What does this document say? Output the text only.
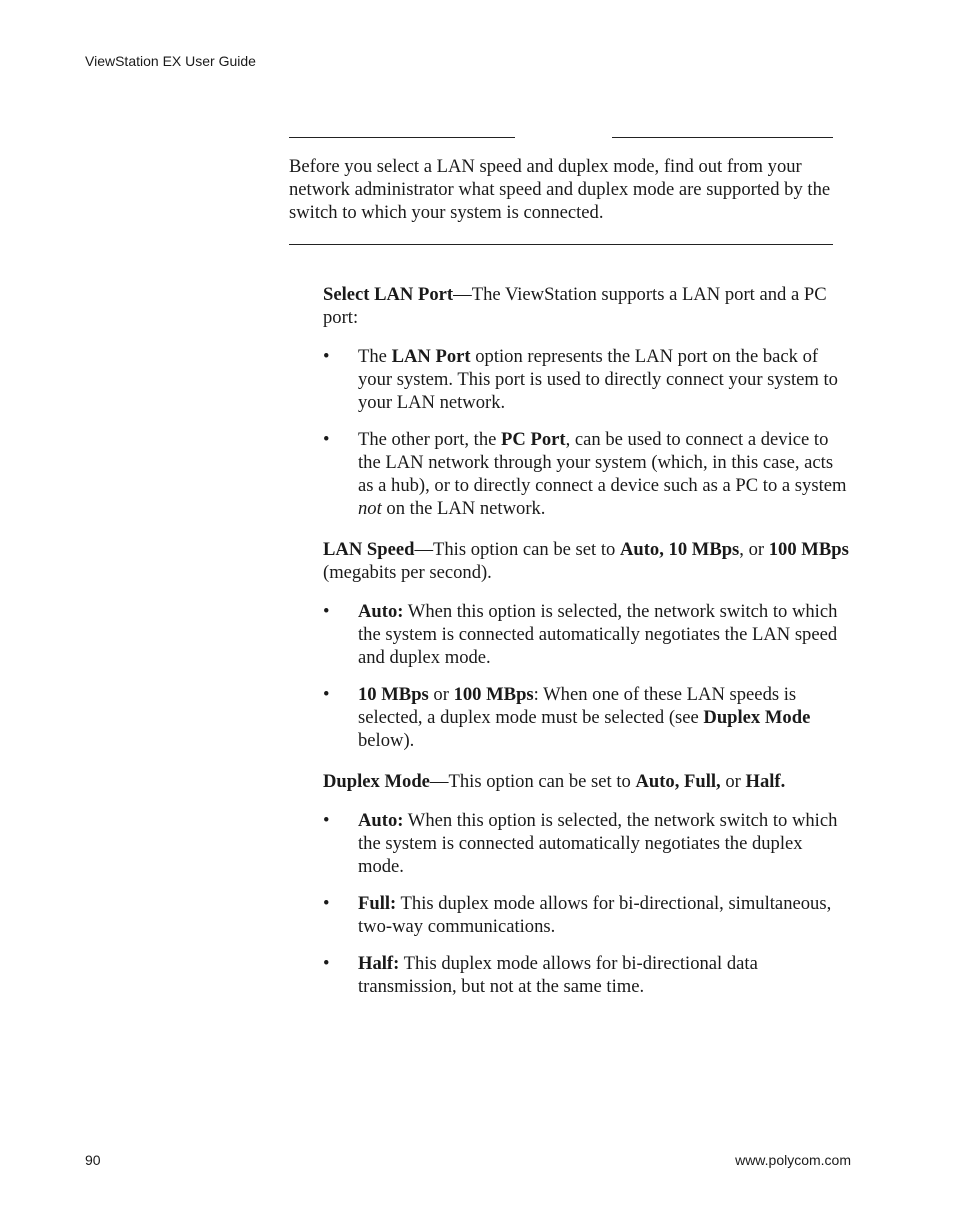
ViewStation EX User Guide
Before you select a LAN speed and duplex mode, find out from your network administrator what speed and duplex mode are supported by the switch to which your system is connected.

Select LAN Port—The ViewStation supports a LAN port and a PC port:

• The LAN Port option represents the LAN port on the back of your system. This port is used to directly connect your system to your LAN network.
• The other port, the PC Port, can be used to connect a device to the LAN network through your system (which, in this case, acts as a hub), or to directly connect a device such as a PC to a system not on the LAN network.

LAN Speed—This option can be set to Auto, 10 MBps, or 100 MBps (megabits per second).

• Auto: When this option is selected, the network switch to which the system is connected automatically negotiates the LAN speed and duplex mode.
• 10 MBps or 100 MBps: When one of these LAN speeds is selected, a duplex mode must be selected (see Duplex Mode below).

Duplex Mode—This option can be set to Auto, Full, or Half.

• Auto: When this option is selected, the network switch to which the system is connected automatically negotiates the duplex mode.
• Full: This duplex mode allows for bi-directional, simultaneous, two-way communications.
• Half: This duplex mode allows for bi-directional data transmission, but not at the same time.
90	www.polycom.com
